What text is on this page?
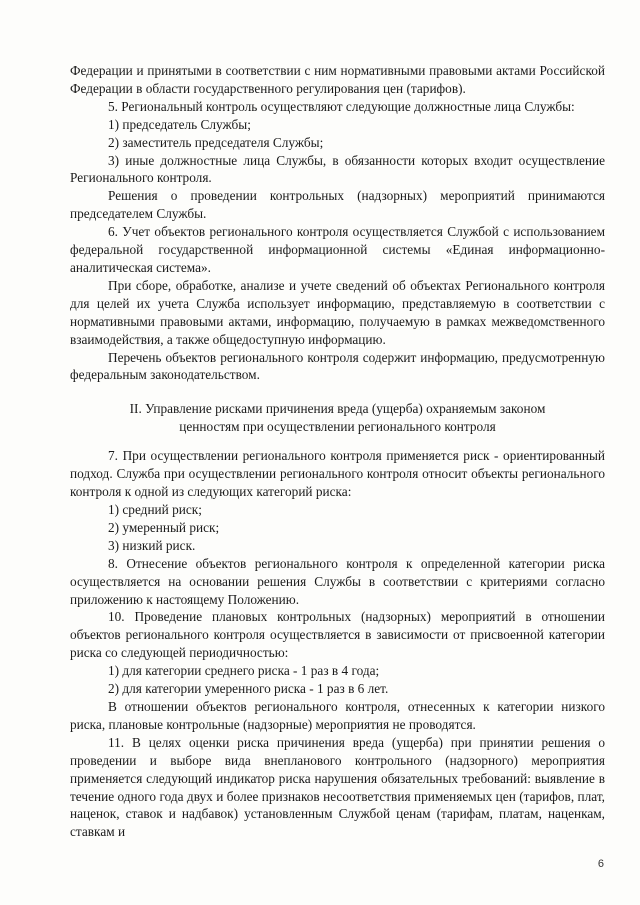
Федерации и принятыми в соответствии с ним нормативными правовыми актами Российской Федерации в области государственного регулирования цен (тарифов).

5. Региональный контроль осуществляют следующие должностные лица Службы:

1) председатель Службы;

2) заместитель председателя Службы;

3) иные должностные лица Службы, в обязанности которых входит осуществление Регионального контроля.

Решения о проведении контрольных (надзорных) мероприятий принимаются председателем Службы.

6. Учет объектов регионального контроля осуществляется Службой с использованием федеральной государственной информационной системы «Единая информационно-аналитическая система».

При сборе, обработке, анализе и учете сведений об объектах Регионального контроля для целей их учета Служба использует информацию, представляемую в соответствии с нормативными правовыми актами, информацию, получаемую в рамках межведомственного взаимодействия, а также общедоступную информацию.

Перечень объектов регионального контроля содержит информацию, предусмотренную федеральным законодательством.

II. Управление рисками причинения вреда (ущерба) охраняемым законом
ценностям при осуществлении регионального контроля

7. При осуществлении регионального контроля применяется риск - ориентированный подход. Служба при осуществлении регионального контроля относит объекты регионального контроля к одной из следующих категорий риска:

1) средний риск;

2) умеренный риск;

3) низкий риск.

8. Отнесение объектов регионального контроля к определенной категории риска осуществляется на основании решения Службы в соответствии с критериями согласно приложению к настоящему Положению.

10. Проведение плановых контрольных (надзорных) мероприятий в отношении объектов регионального контроля осуществляется в зависимости от присвоенной категории риска со следующей периодичностью:

1) для категории среднего риска - 1 раз в 4 года;

2) для категории умеренного риска - 1 раз в 6 лет.

В отношении объектов регионального контроля, отнесенных к категории низкого риска, плановые контрольные (надзорные) мероприятия не проводятся.

11. В целях оценки риска причинения вреда (ущерба) при принятии решения о проведении и выборе вида внепланового контрольного (надзорного) мероприятия применяется следующий индикатор риска нарушения обязательных требований: выявление в течение одного года двух и более признаков несоответствия применяемых цен (тарифов, плат, наценок, ставок и надбавок) установленным Службой ценам (тарифам, платам, наценкам, ставкам и

6
